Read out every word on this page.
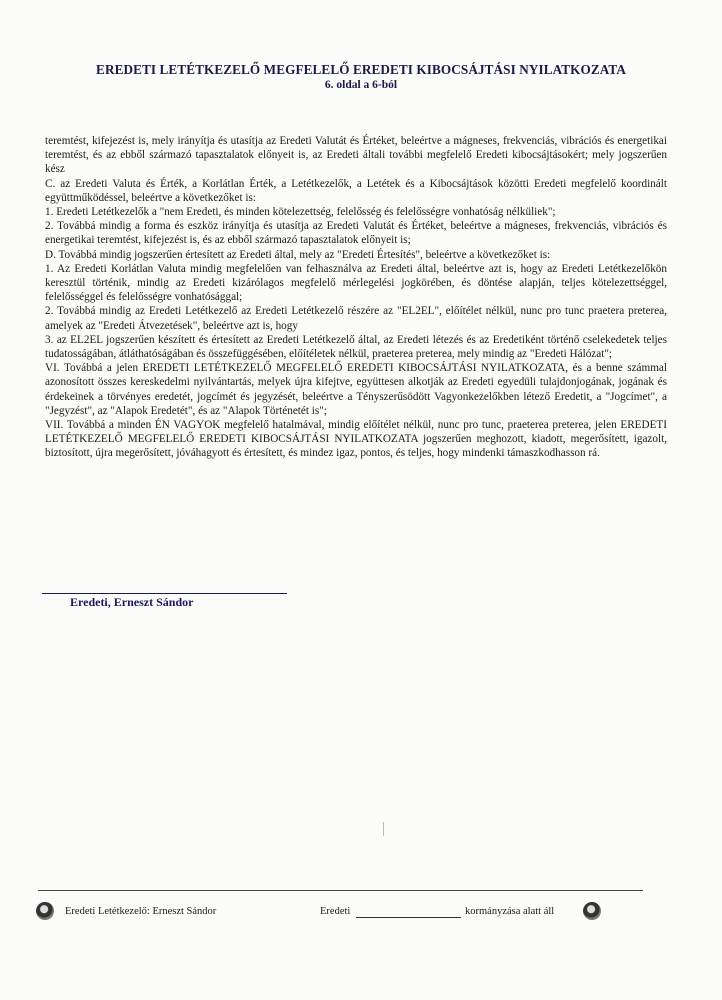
EREDETI LETÉTKEZELŐ MEGFELELŐ EREDETI KIBOCSÁJTÁSI NYILATKOZATA
6. oldal a 6-ból

teremtést, kifejezést is, mely irányítja és utasítja az Eredeti Valutát és Értéket, beleértve a mágneses, frekvenciás, vibrációs és energetikai teremtést, és az ebből származó tapasztalatok előnyeit is, az Eredeti általi további megfelelő Eredeti kibocsájtásokért; mely jogszerűen kész

C. az Eredeti Valuta és Érték, a Korlátlan Érték, a Letétkezelők, a Letétek és a Kibocsájtások közötti Eredeti megfelelő koordinált együttműködéssel, beleértve a következőket is:

1. Eredeti Letétkezelők a "nem Eredeti, és minden kötelezettség, felelősség és felelősségre vonhatóság nélküliek";

2. Továbbá mindig a forma és eszköz irányítja és utasítja az Eredeti Valutát és Értéket, beleértve a mágneses, frekvenciás, vibrációs és energetikai teremtést, kifejezést is, és az ebből származó tapasztalatok előnyeit is;

D. Továbbá mindig jogszerűen értesített az Eredeti által, mely az "Eredeti Értesítés", beleértve a következőket is:

1. Az Eredeti Korlátlan Valuta mindig megfelelően van felhasználva az Eredeti által, beleértve azt is, hogy az Eredeti Letétkezelőkön keresztül történik, mindig az Eredeti kizárólagos megfelelő mérlegelési jogkörében, és döntése alapján, teljes kötelezettséggel, felelősséggel és felelősségre vonhatósággal;

2. Továbbá mindig az Eredeti Letétkezelő az Eredeti Letétkezelő részére az "EL2EL", előítélet nélkül, nunc pro tunc praetera preterea, amelyek az "Eredeti Átvezetések", beleértve azt is, hogy

3. az EL2EL jogszerűen készített és értesített az Eredeti Letétkezelő által, az Eredeti létezés és az Eredetiként történő cselekedetek teljes tudatosságában, átláthatóságában és összefüggésében, előítéletek nélkül, praeterea preterea, mely mindig az "Eredeti Hálózat";

VI. Továbbá a jelen EREDETI LETÉTKEZELŐ MEGFELELŐ EREDETI KIBOCSÁJTÁSI NYILATKOZATA, és a benne számmal azonosított összes kereskedelmi nyilvántartás, melyek újra kifejtve, együttesen alkotják az Eredeti egyedüli tulajdonjogának, jogának és érdekeinek a törvényes eredetét, jogcímét és jegyzését, beleértve a Tényszerűsödött Vagyonkezelőkben létező Eredetit, a "Jogcímet", a "Jegyzést", az "Alapok Eredetét", és az "Alapok Történetét is";

VII. Továbbá a minden ÉN VAGYOK megfelelő hatalmával, mindig előítélet nélkül, nunc pro tunc, praeterea preterea, jelen EREDETI LETÉTKEZELŐ MEGFELELŐ EREDETI KIBOCSÁJTÁSI NYILATKOZATA jogszerűen meghozott, kiadott, megerősített, igazolt, biztosított, újra megerősített, jóváhagyott és értesített, és mindez igaz, pontos, és teljes, hogy mindenki támaszkodhasson rá.

Eredeti, Erneszt Sándor
Eredeti Letétkezelő: Erneszt Sándor	Eredeti	kormányzása alatt áll
